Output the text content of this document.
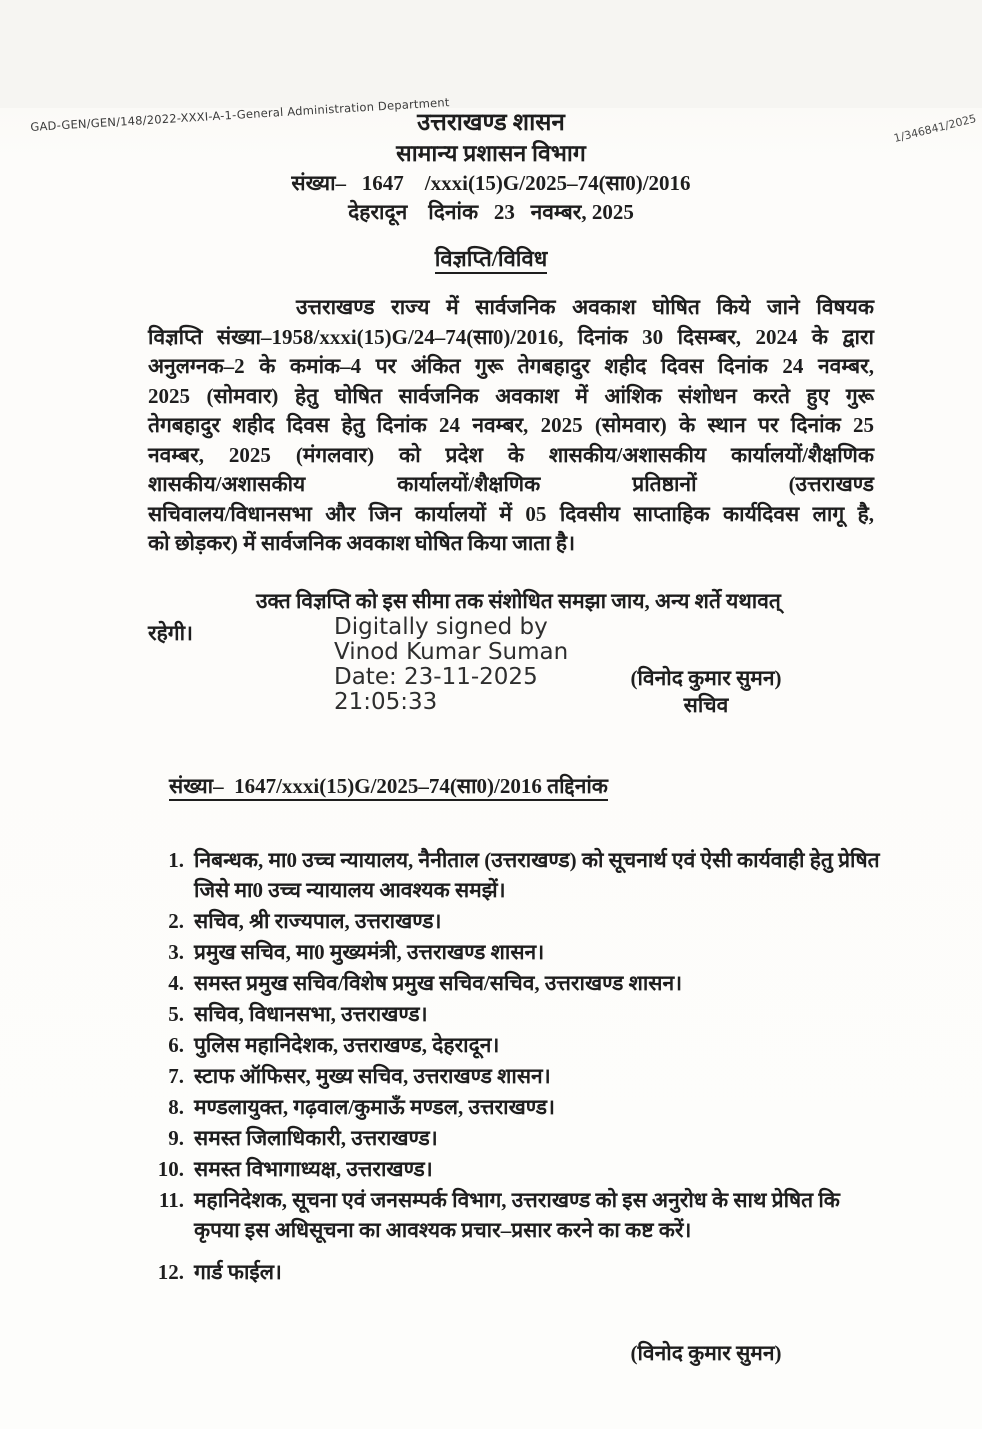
GAD-GEN/GEN/148/2022-XXXI-A-1-General Administration Department	1/346841/2025
उत्तराखण्ड शासन
सामान्य प्रशासन विभाग
संख्या–   1647    /xxxi(15)G/2025–74(सा0)/2016
देहरादून    दिनांक   23   नवम्बर, 2025
विज्ञप्ति/विविध
उत्तराखण्ड राज्य में सार्वजनिक अवकाश घोषित किये जाने विषयक
विज्ञप्ति संख्या–1958/xxxi(15)G/24–74(सा0)/2016, दिनांक 30 दिसम्बर, 2024 के द्वारा
अनुलग्नक–2 के कमांक–4 पर अंकित गुरू तेगबहादुर शहीद दिवस दिनांक 24 नवम्बर,
2025 (सोमवार) हेतु घोषित सार्वजनिक अवकाश में आंशिक संशोधन करते हुए गुरू
तेगबहादुर शहीद दिवस हेतु दिनांक 24 नवम्बर, 2025 (सोमवार) के स्थान पर दिनांक 25
नवम्बर, 2025 (मंगलवार) को प्रदेश के शासकीय/अशासकीय कार्यालयों/शैक्षणिक
शासकीय/अशासकीय कार्यालयों/शैक्षणिक प्रतिष्ठानों (उत्तराखण्ड
सचिवालय/विधानसभा और जिन कार्यालयों में 05 दिवसीय साप्ताहिक कार्यदिवस लागू है,
को छोड़कर) में सार्वजनिक अवकाश घोषित किया जाता है।
उक्त विज्ञप्ति को इस सीमा तक संशोधित समझा जाय, अन्य शर्ते यथावत्
रहेगी।	Digitally signed by
Vinod Kumar Suman
Date: 23-11-2025
21:05:33
(विनोद कुमार सुमन)
सचिव

संख्या–  1647/xxxi(15)G/2025–74(सा0)/2016 तद्दिनांक

1. निबन्धक, मा0 उच्च न्यायालय, नैनीताल (उत्तराखण्ड) को सूचनार्थ एवं ऐसी कार्यवाही हेतु प्रेषित जिसे मा0 उच्च न्यायालय आवश्यक समझें।
2. सचिव, श्री राज्यपाल, उत्तराखण्ड।
3. प्रमुख सचिव, मा0 मुख्यमंत्री, उत्तराखण्ड शासन।
4. समस्त प्रमुख सचिव/विशेष प्रमुख सचिव/सचिव, उत्तराखण्ड शासन।
5. सचिव, विधानसभा, उत्तराखण्ड।
6. पुलिस महानिदेशक, उत्तराखण्ड, देहरादून।
7. स्टाफ ऑफिसर, मुख्य सचिव, उत्तराखण्ड शासन।
8. मण्डलायुक्त, गढ़वाल/कुमाऊँ मण्डल, उत्तराखण्ड।
9. समस्त जिलाधिकारी, उत्तराखण्ड।
10. समस्त विभागाध्यक्ष, उत्तराखण्ड।
11. महानिदेशक, सूचना एवं जनसम्पर्क विभाग, उत्तराखण्ड को इस अनुरोध के साथ प्रेषित कि कृपया इस अधिसूचना का आवश्यक प्रचार–प्रसार करने का कष्ट करें।
12. गार्ड फाईल।
(विनोद कुमार सुमन)
